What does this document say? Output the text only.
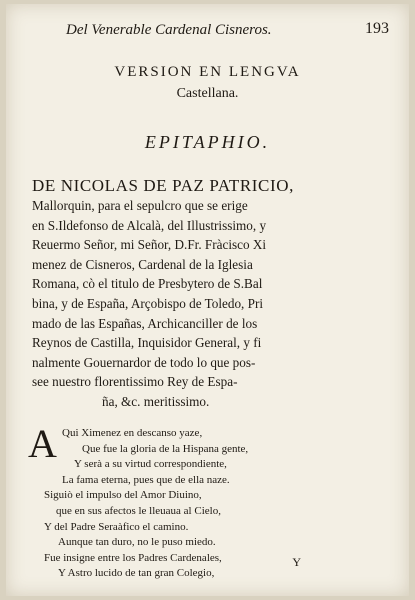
Del Venerable Cardenal Cisneros.	193
VERSION EN LENGVA
Castellana.
EPITAPHIO.
DE NICOLAS DE PAZ PATRICIO,
Mallorquin, para el sepulcro que se erige
en S.Ildefonso de Alcalà, del Illustrissimo, y
Reuermo Señor, mi Señor, D.Fr. Fràcisco Xi
menez de Cisneros, Cardenal de la Iglesia
Romana, cò el titulo de Presbytero de S.Bal
bina, y de España, Arçobispo de Toledo, Pri
mado de las Españas, Archicanciller de los
Reynos de Castilla, Inquisidor General, y fi
nalmente Gouernardor de todo lo que pos-
see nuestro florentissimo Rey de Espa-
ña, &c. meritissimo.
A Qui Ximenez en descanso yaze,
Que fue la gloria de la Hispana gente,
Y serà a su virtud correspondiente,
La fama eterna, pues que de ella naze.
Siguiò el impulso del Amor Diuino,
que en sus afectos le lleuaua al Cielo,
Y del Padre Seraàfico el camino.
Aunque tan duro, no le puso miedo.
Fue insigne entre los Padres Cardenales,
Y Astro lucido de tan gran Colegio,
Y
